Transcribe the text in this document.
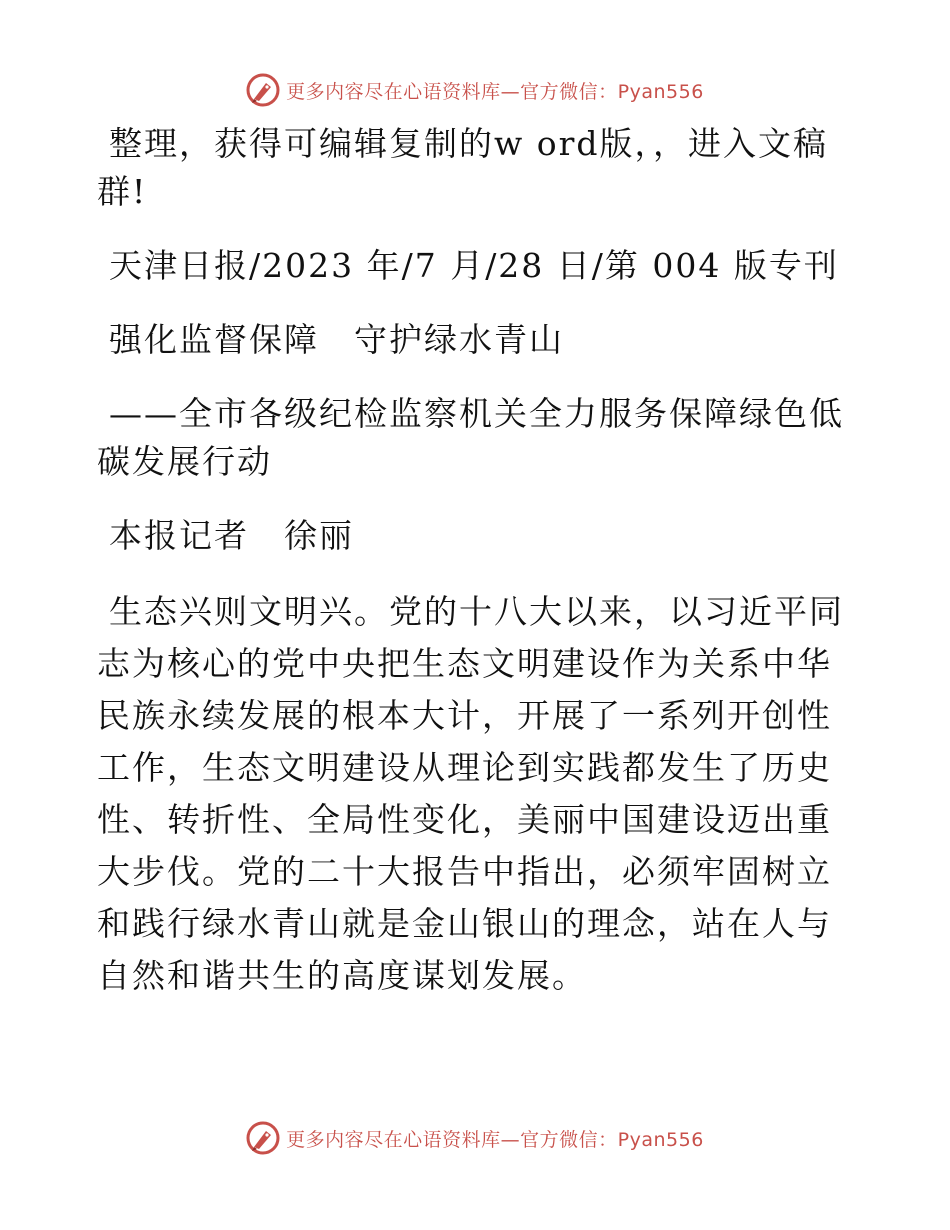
更多内容尽在心语资料库—官方微信：Pyan556

整理，获得可编辑复制的w ord版，，进入文稿群!

天津日报/2023 年/7 月/28 日/第 004 版专刊

强化监督保障　守护绿水青山

——全市各级纪检监察机关全力服务保障绿色低碳发展行动

本报记者　徐丽

生态兴则文明兴。党的十八大以来，以习近平同志为核心的党中央把生态文明建设作为关系中华民族永续发展的根本大计，开展了一系列开创性工作，生态文明建设从理论到实践都发生了历史性、转折性、全局性变化，美丽中国建设迈出重大步伐。党的二十大报告中指出，必须牢固树立和践行绿水青山就是金山银山的理念，站在人与自然和谐共生的高度谋划发展。

更多内容尽在心语资料库—官方微信：Pyan556
